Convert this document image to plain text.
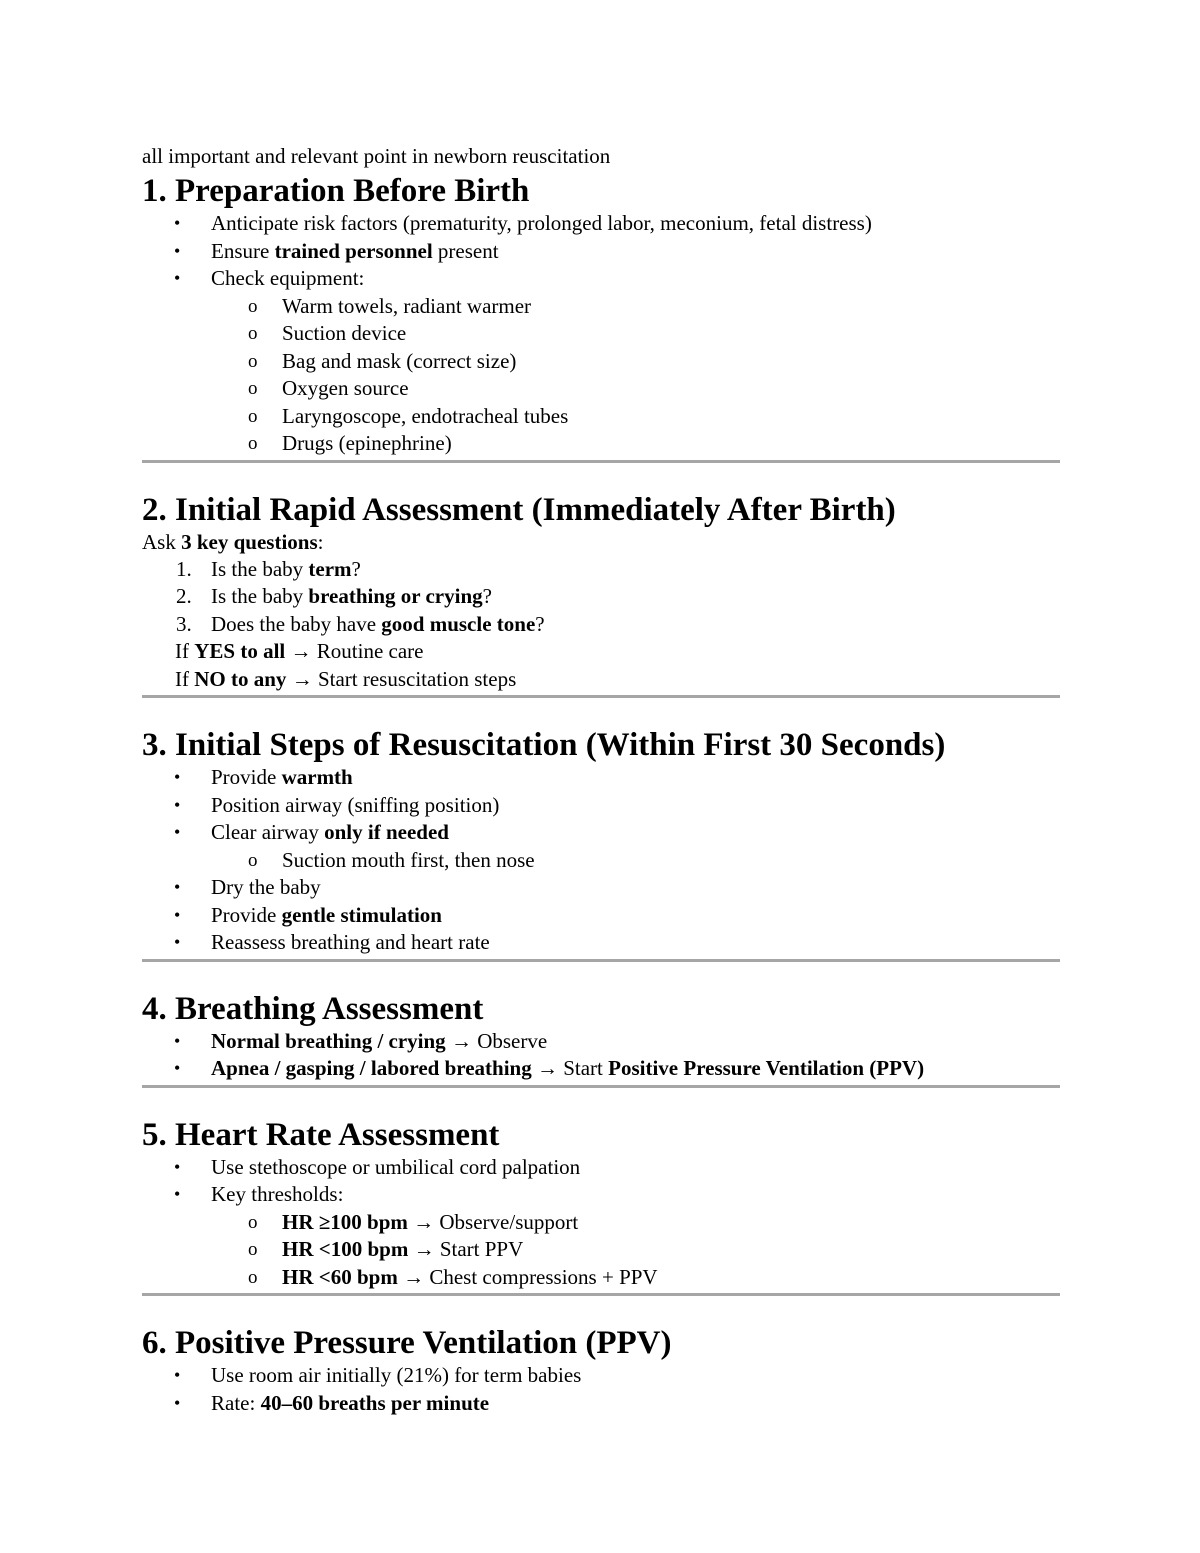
all important and relevant point in newborn reuscitation

1. Preparation Before Birth
• Anticipate risk factors (prematurity, prolonged labor, meconium, fetal distress)
• Ensure trained personnel present
• Check equipment:
o Warm towels, radiant warmer
o Suction device
o Bag and mask (correct size)
o Oxygen source
o Laryngoscope, endotracheal tubes
o Drugs (epinephrine)
2. Initial Rapid Assessment (Immediately After Birth)

Ask 3 key questions:

1. Is the baby term?
2. Is the baby breathing or crying?
3. Does the baby have good muscle tone?

If YES to all → Routine care

If NO to any → Start resuscitation steps

3. Initial Steps of Resuscitation (Within First 30 Seconds)
• Provide warmth
• Position airway (sniffing position)
• Clear airway only if needed
o Suction mouth first, then nose
• Dry the baby
• Provide gentle stimulation
• Reassess breathing and heart rate
4. Breathing Assessment
• Normal breathing / crying → Observe
• Apnea / gasping / labored breathing → Start Positive Pressure Ventilation (PPV)
5. Heart Rate Assessment
• Use stethoscope or umbilical cord palpation
• Key thresholds:
o HR ≥100 bpm → Observe/support
o HR <100 bpm → Start PPV
o HR <60 bpm → Chest compressions + PPV
6. Positive Pressure Ventilation (PPV)
• Use room air initially (21%) for term babies
• Rate: 40–60 breaths per minute
